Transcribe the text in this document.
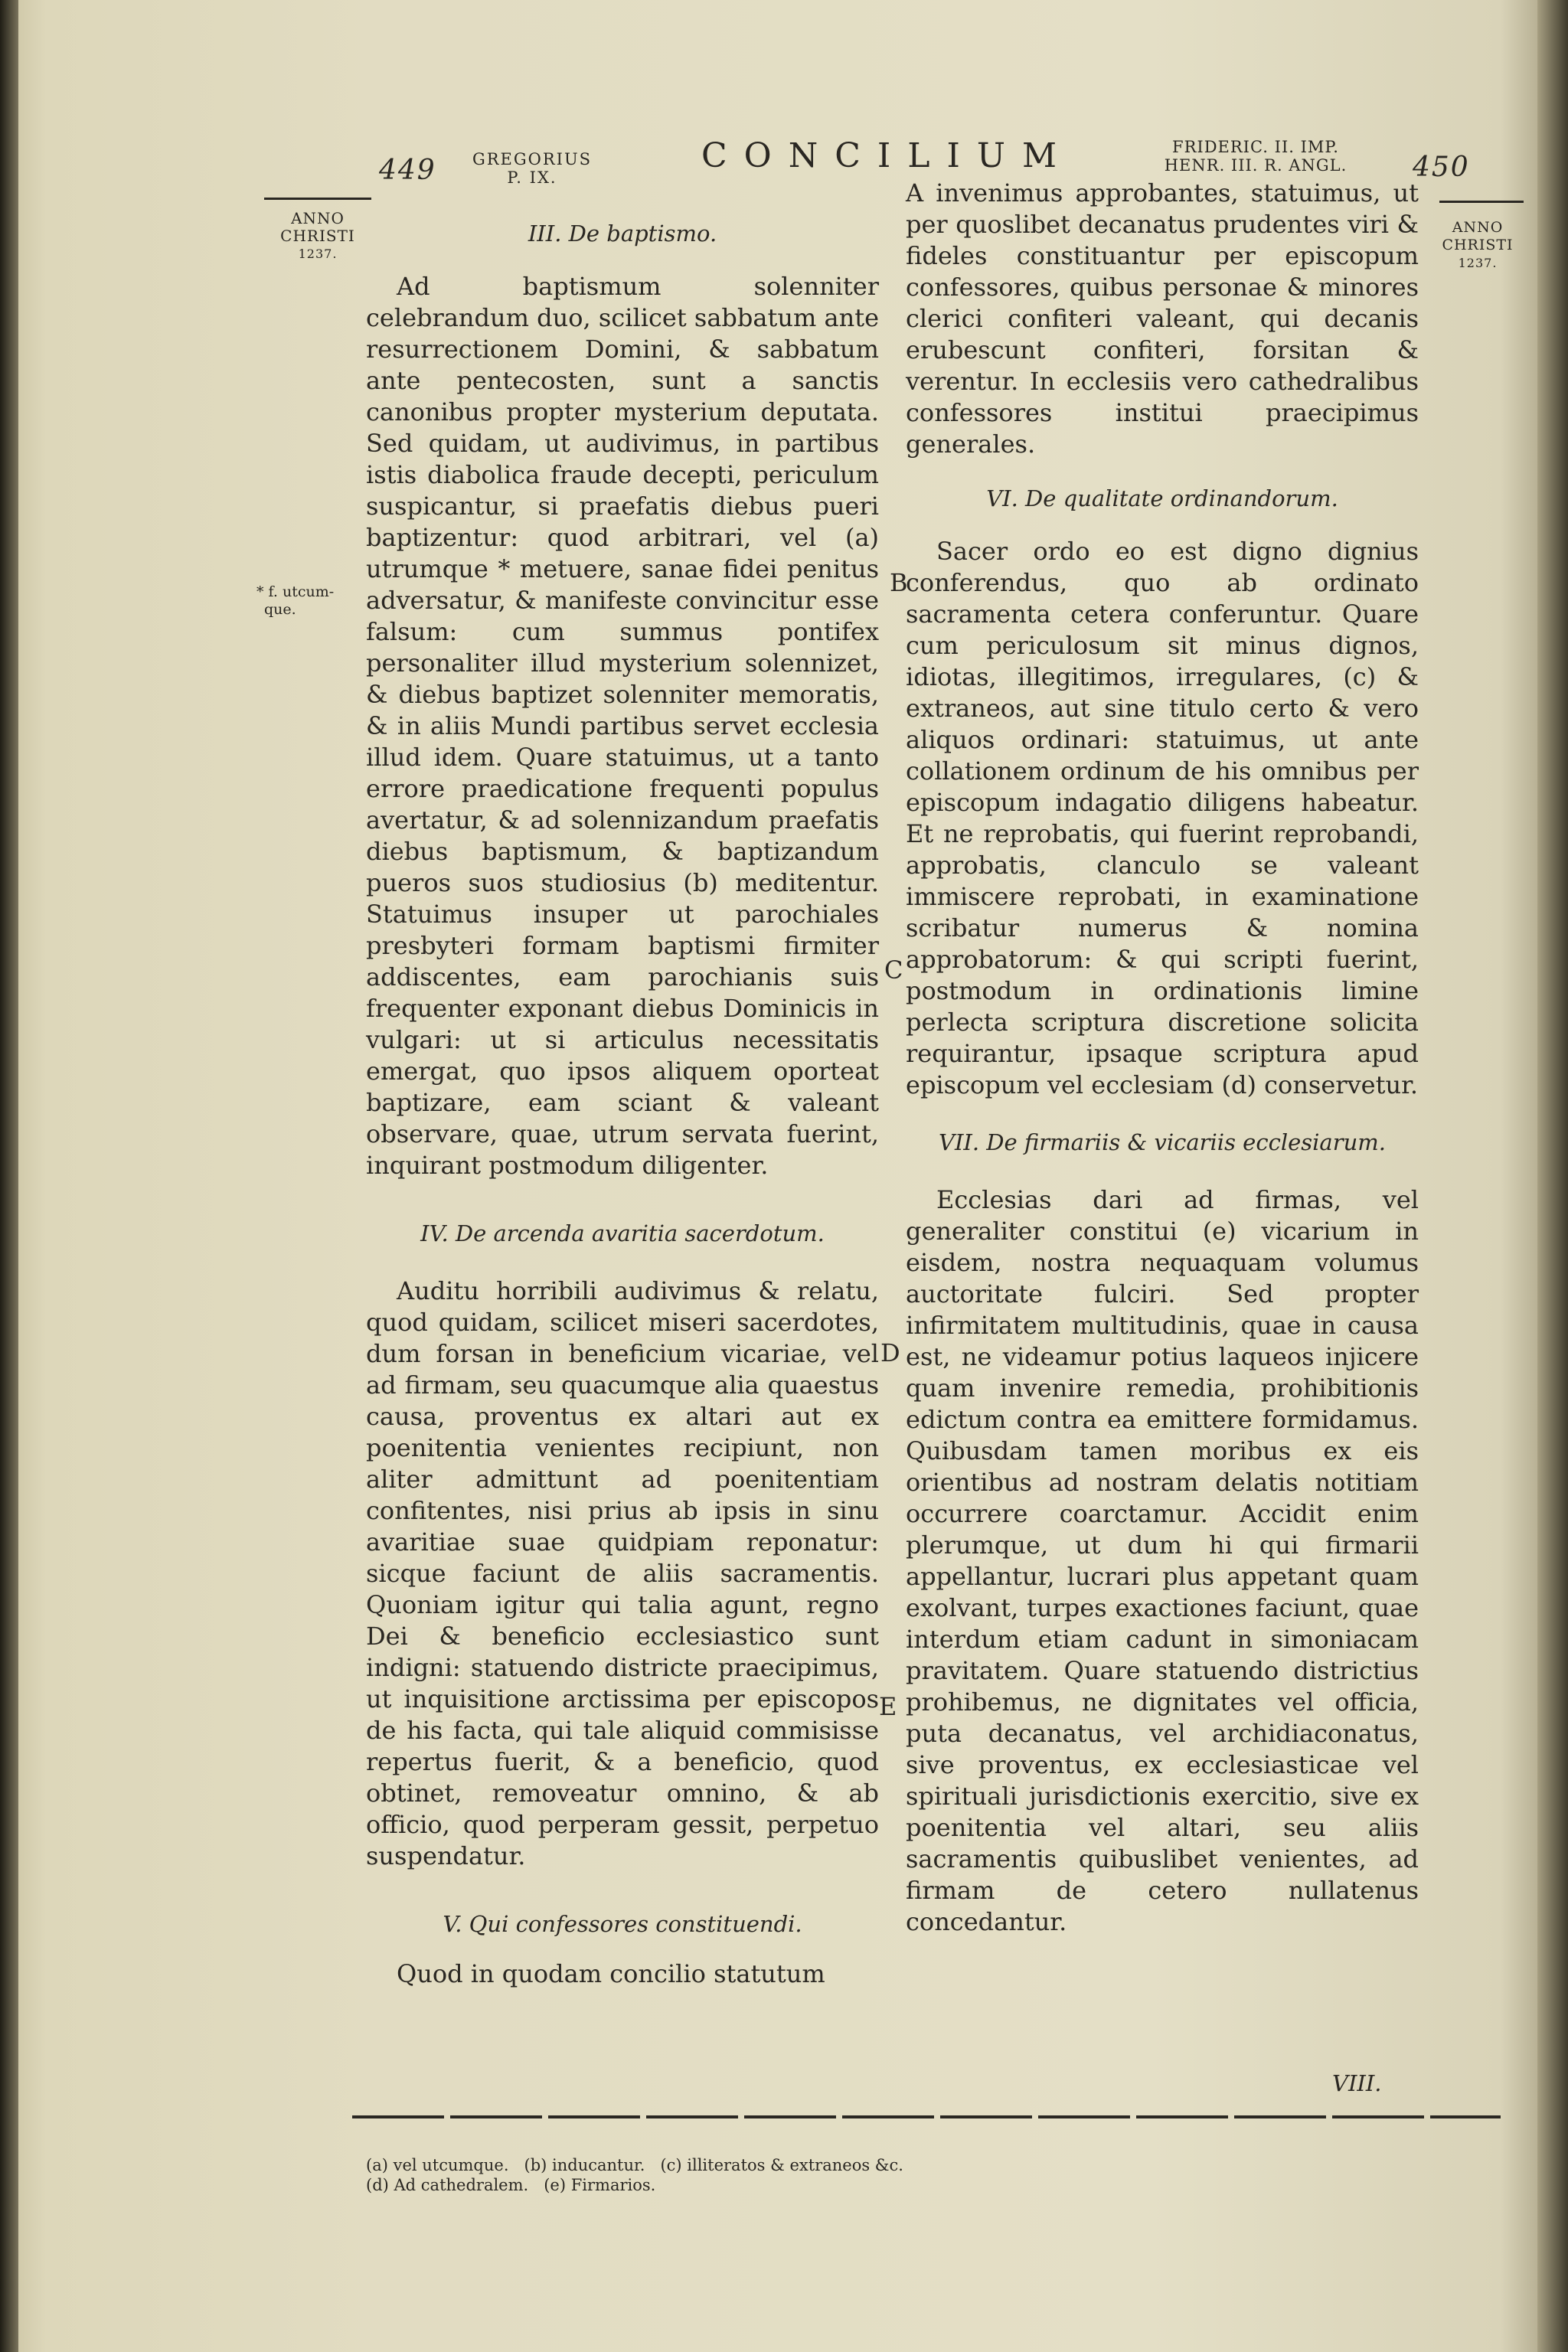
449	GREGORIUS
P. IX.
CONCILIUM	FRIDERIC. II. IMP.
HENR. III. R. ANGL.	450
ANNO
CHRISTI
1237.
* f. utcum-
que.
ANNO
CHRISTI
1237.

III. De baptismo.

Ad baptismum solenniter celebrandum duo, scilicet sabbatum ante resurrectionem Domini, & sabbatum ante pentecosten, sunt a sanctis canonibus propter mysterium deputata. Sed quidam, ut audivimus, in partibus istis diabolica fraude decepti, periculum suspicantur, si praefatis diebus pueri baptizentur: quod arbitrari, vel (a) utrumque * metuere, sanae fidei penitus adversatur, & manifeste convincitur esse falsum: cum summus pontifex personaliter illud mysterium solennizet, & diebus baptizet solenniter memoratis, & in aliis Mundi partibus servet ecclesia illud idem. Quare statuimus, ut a tanto errore praedicatione frequenti populus avertatur, & ad solennizandum praefatis diebus baptismum, & baptizandum pueros suos studiosius (b) meditentur. Statuimus insuper ut parochiales presbyteri formam baptismi firmiter addiscentes, eam parochianis suis frequenter exponant diebus Dominicis in vulgari: ut si articulus necessitatis emergat, quo ipsos aliquem oporteat baptizare, eam sciant & valeant observare, quae, utrum servata fuerint, inquirant postmodum diligenter.

IV. De arcenda avaritia sacerdotum.

Auditu horribili audivimus & relatu, quod quidam, scilicet miseri sacerdotes, dum forsan in beneficium vicariae, vel ad firmam, seu quacumque alia quaestus causa, proventus ex altari aut ex poenitentia venientes recipiunt, non aliter admittunt ad poenitentiam confitentes, nisi prius ab ipsis in sinu avaritiae suae quidpiam reponatur: sicque faciunt de aliis sacramentis. Quoniam igitur qui talia agunt, regno Dei & beneficio ecclesiastico sunt indigni: statuendo districte praecipimus, ut inquisitione arctissima per episcopos de his facta, qui tale aliquid commisisse repertus fuerit, & a beneficio, quod obtinet, removeatur omnino, & ab officio, quod perperam gessit, perpetuo suspendatur.

V. Qui confessores constituendi.

Quod in quodam concilio statutum

B
C
D
E

A invenimus approbantes, statuimus, ut per quoslibet decanatus prudentes viri & fideles constituantur per episcopum confessores, quibus personae & minores clerici confiteri valeant, qui decanis erubescunt confiteri, forsitan & verentur. In ecclesiis vero cathedralibus confessores institui praecipimus generales.

VI. De qualitate ordinandorum.

Sacer ordo eo est digno dignius conferendus, quo ab ordinato sacramenta cetera conferuntur. Quare cum periculosum sit minus dignos, idiotas, illegitimos, irregulares, (c) & extraneos, aut sine titulo certo & vero aliquos ordinari: statuimus, ut ante collationem ordinum de his omnibus per episcopum indagatio diligens habeatur. Et ne reprobatis, qui fuerint reprobandi, approbatis, clanculo se valeant immiscere reprobati, in examinatione scribatur numerus & nomina approbatorum: & qui scripti fuerint, postmodum in ordinationis limine perlecta scriptura discretione solicita requirantur, ipsaque scriptura apud episcopum vel ecclesiam (d) conservetur.

VII. De firmariis & vicariis ecclesiarum.

Ecclesias dari ad firmas, vel generaliter constitui (e) vicarium in eisdem, nostra nequaquam volumus auctoritate fulciri. Sed propter infirmitatem multitudinis, quae in causa est, ne videamur potius laqueos injicere quam invenire remedia, prohibitionis edictum contra ea emittere formidamus. Quibusdam tamen moribus ex eis orientibus ad nostram delatis notitiam occurrere coarctamur. Accidit enim plerumque, ut dum hi qui firmarii appellantur, lucrari plus appetant quam exolvant, turpes exactiones faciunt, quae interdum etiam cadunt in simoniacam pravitatem. Quare statuendo districtius prohibemus, ne dignitates vel officia, puta decanatus, vel archidiaconatus, sive proventus, ex ecclesiasticae vel spirituali jurisdictionis exercitio, sive ex poenitentia vel altari, seu aliis sacramentis quibuslibet venientes, ad firmam de cetero nullatenus concedantur.

VIII.
(a) vel utcumque. (b) inducantur. (c) illiteratos & extraneos &c.
(d) Ad cathedralem. (e) Firmarios.
